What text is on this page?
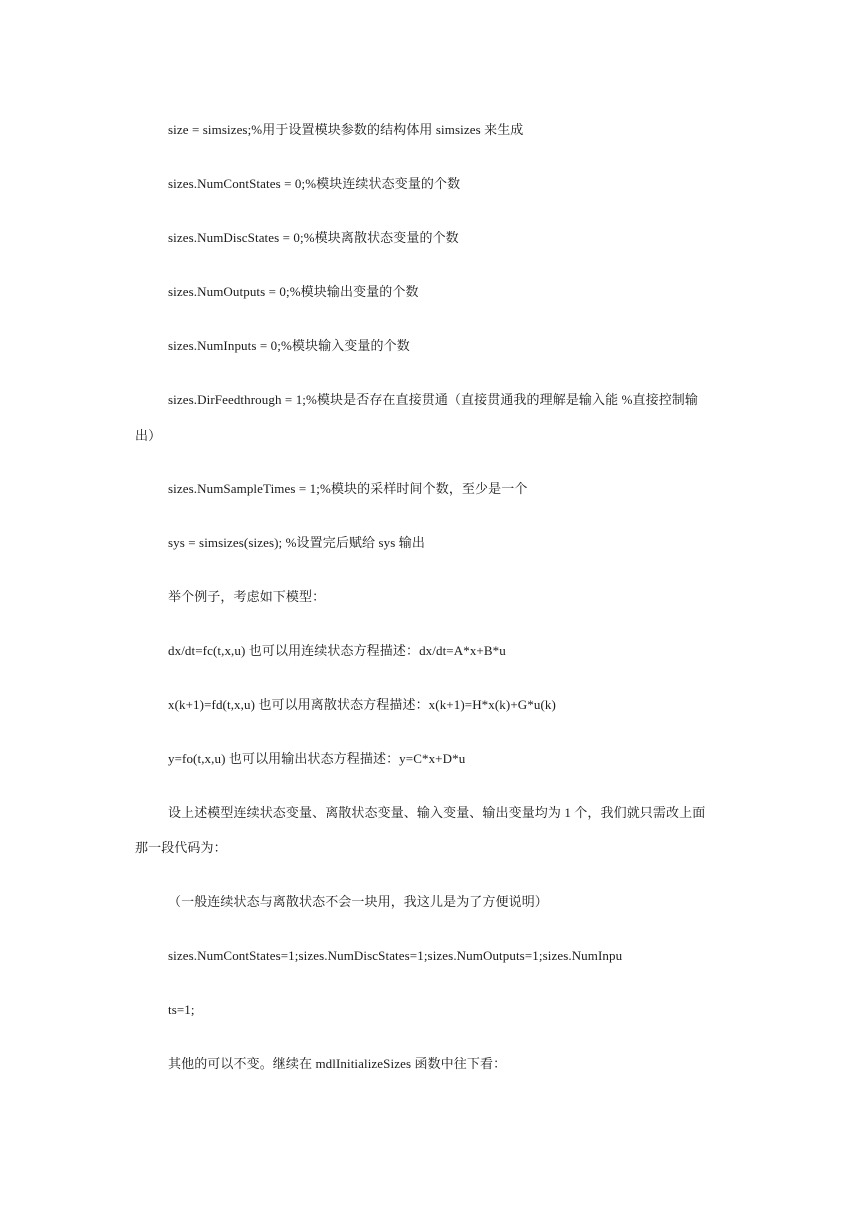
size = simsizes;%用于设置模块参数的结构体用 simsizes 来生成
sizes.NumContStates = 0;%模块连续状态变量的个数
sizes.NumDiscStates = 0;%模块离散状态变量的个数
sizes.NumOutputs = 0;%模块输出变量的个数
sizes.NumInputs = 0;%模块输入变量的个数
sizes.DirFeedthrough = 1;%模块是否存在直接贯通（直接贯通我的理解是输入能 %直接控制输
出）
sizes.NumSampleTimes = 1;%模块的采样时间个数，至少是一个
sys = simsizes(sizes); %设置完后赋给 sys 输出
举个例子，考虑如下模型：
dx/dt=fc(t,x,u) 也可以用连续状态方程描述：dx/dt=A*x+B*u
x(k+1)=fd(t,x,u) 也可以用离散状态方程描述：x(k+1)=H*x(k)+G*u(k)
y=fo(t,x,u) 也可以用输出状态方程描述：y=C*x+D*u
设上述模型连续状态变量、离散状态变量、输入变量、输出变量均为 1 个，我们就只需改上面
那一段代码为：
（一般连续状态与离散状态不会一块用，我这儿是为了方便说明）
sizes.NumContStates=1;sizes.NumDiscStates=1;sizes.NumOutputs=1;sizes.NumInpu
ts=1;
其他的可以不变。继续在 mdlInitializeSizes 函数中往下看：
